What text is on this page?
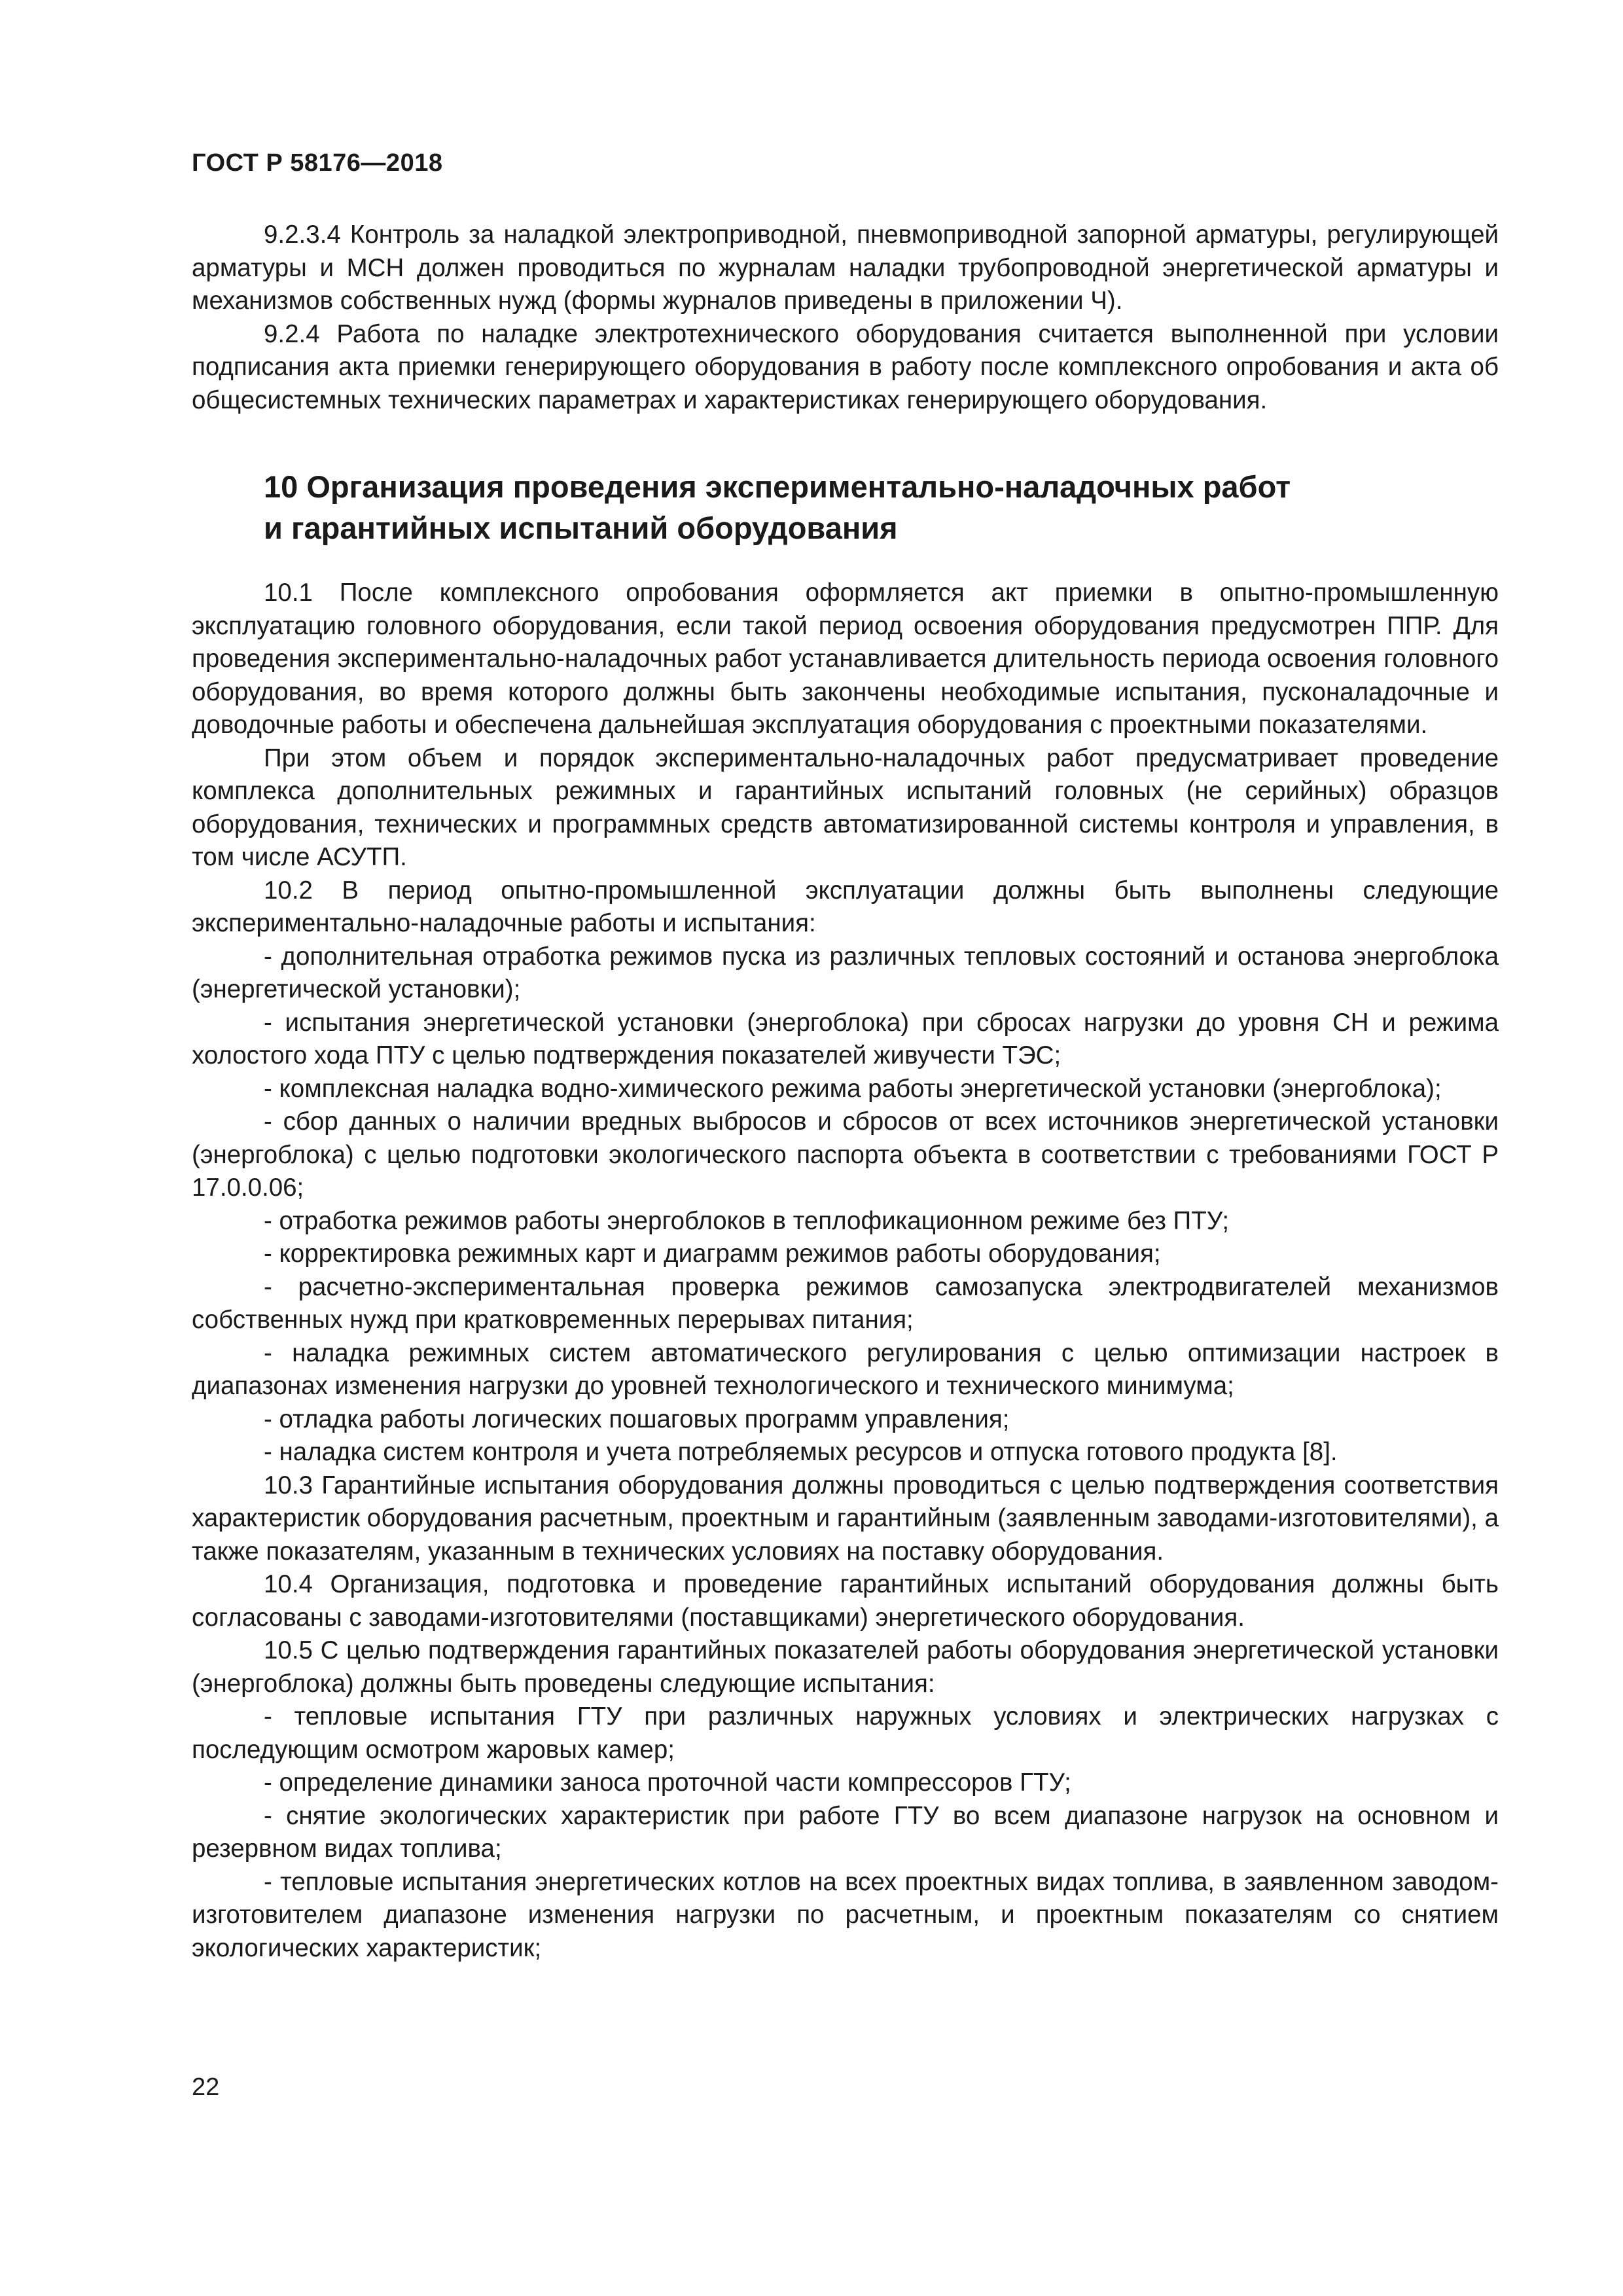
ГОСТ Р 58176—2018

9.2.3.4 Контроль за наладкой электроприводной, пневмоприводной запорной арматуры, регулирующей арматуры и МСН должен проводиться по журналам наладки трубопроводной энергетической арматуры и механизмов собственных нужд (формы журналов приведены в приложении Ч).

9.2.4 Работа по наладке электротехнического оборудования считается выполненной при условии подписания акта приемки генерирующего оборудования в работу после комплексного опробования и акта об общесистемных технических параметрах и характеристиках генерирующего оборудования.

10 Организация проведения экспериментально-наладочных работ
и гарантийных испытаний оборудования

10.1 После комплексного опробования оформляется акт приемки в опытно-промышленную эксплуатацию головного оборудования, если такой период освоения оборудования предусмотрен ППР. Для проведения экспериментально-наладочных работ устанавливается длительность периода освоения головного оборудования, во время которого должны быть закончены необходимые испытания, пусконаладочные и доводочные работы и обеспечена дальнейшая эксплуатация оборудования с проектными показателями.

При этом объем и порядок экспериментально-наладочных работ предусматривает проведение комплекса дополнительных режимных и гарантийных испытаний головных (не серийных) образцов оборудования, технических и программных средств автоматизированной системы контроля и управления, в том числе АСУТП.

10.2 В период опытно-промышленной эксплуатации должны быть выполнены следующие экспериментально-наладочные работы и испытания:

- дополнительная отработка режимов пуска из различных тепловых состояний и останова энергоблока (энергетической установки);

- испытания энергетической установки (энергоблока) при сбросах нагрузки до уровня СН и режима холостого хода ПТУ с целью подтверждения показателей живучести ТЭС;

- комплексная наладка водно-химического режима работы энергетической установки (энергоблока);

- сбор данных о наличии вредных выбросов и сбросов от всех источников энергетической установки (энергоблока) с целью подготовки экологического паспорта объекта в соответствии с требованиями ГОСТ Р 17.0.0.06;

- отработка режимов работы энергоблоков в теплофикационном режиме без ПТУ;

- корректировка режимных карт и диаграмм режимов работы оборудования;

- расчетно-экспериментальная проверка режимов самозапуска электродвигателей механизмов собственных нужд при кратковременных перерывах питания;

- наладка режимных систем автоматического регулирования с целью оптимизации настроек в диапазонах изменения нагрузки до уровней технологического и технического минимума;

- отладка работы логических пошаговых программ управления;

- наладка систем контроля и учета потребляемых ресурсов и отпуска готового продукта [8].

10.3 Гарантийные испытания оборудования должны проводиться с целью подтверждения соответствия характеристик оборудования расчетным, проектным и гарантийным (заявленным заводами-изготовителями), а также показателям, указанным в технических условиях на поставку оборудования.

10.4 Организация, подготовка и проведение гарантийных испытаний оборудования должны быть согласованы с заводами-изготовителями (поставщиками) энергетического оборудования.

10.5 С целью подтверждения гарантийных показателей работы оборудования энергетической установки (энергоблока) должны быть проведены следующие испытания:

- тепловые испытания ГТУ при различных наружных условиях и электрических нагрузках с последующим осмотром жаровых камер;

- определение динамики заноса проточной части компрессоров ГТУ;

- снятие экологических характеристик при работе ГТУ во всем диапазоне нагрузок на основном и резервном видах топлива;

- тепловые испытания энергетических котлов на всех проектных видах топлива, в заявленном заводом-изготовителем диапазоне изменения нагрузки по расчетным, и проектным показателям со снятием экологических характеристик;

22
